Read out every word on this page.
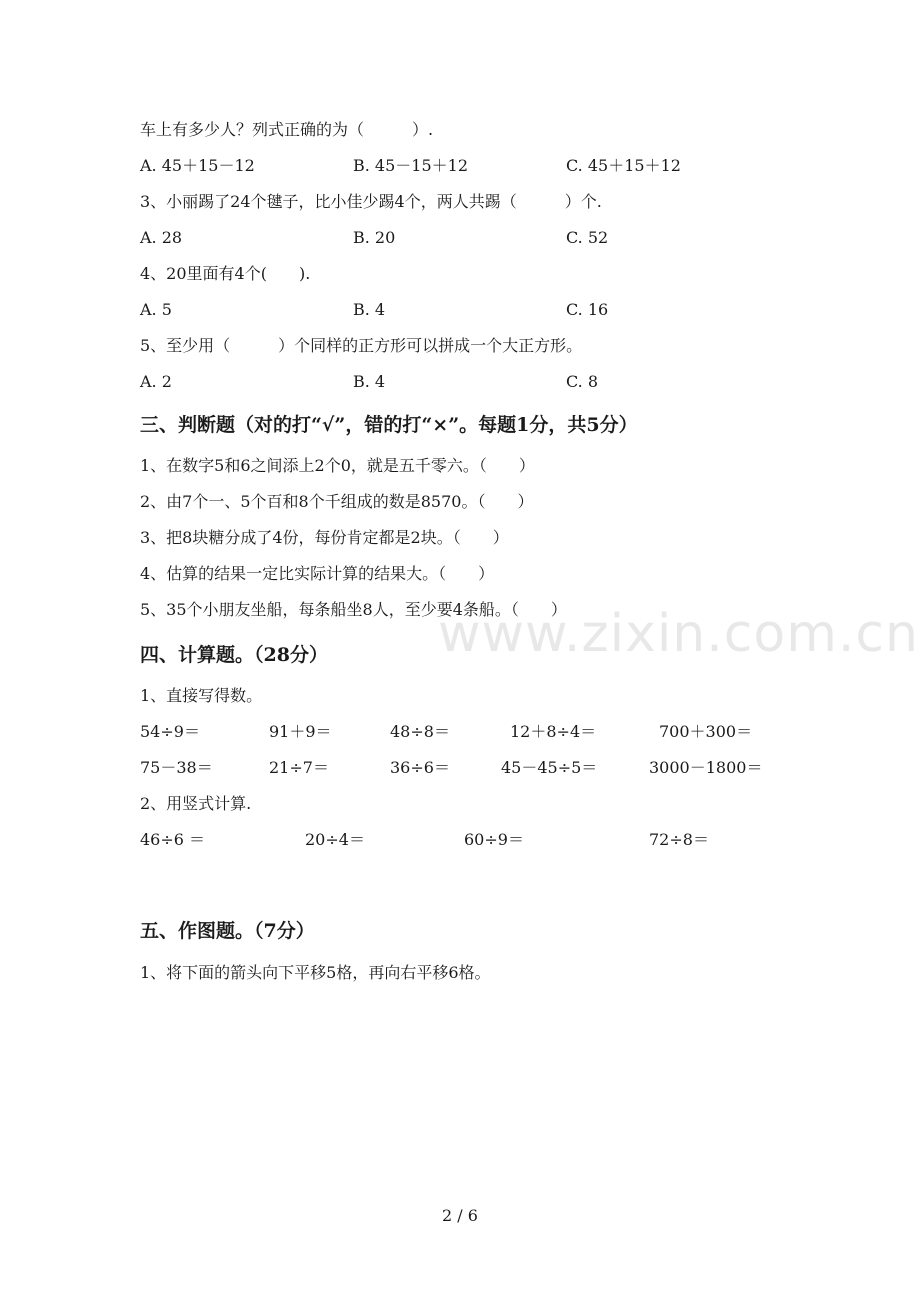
车上有多少人？列式正确的为（　　　）.
A. 45＋15－12	B. 45－15＋12	C. 45＋15＋12
3、小丽踢了24个毽子，比小佳少踢4个，两人共踢（　　　）个.
A. 28	B. 20	C. 52
4、20里面有4个(　　).
A. 5	B. 4	C. 16
5、至少用（　　　）个同样的正方形可以拼成一个大正方形。
A. 2	B. 4	C. 8
三、判断题（对的打“√”，错的打“×”。每题1分，共5分）
1、在数字5和6之间添上2个0，就是五千零六。（　　）
2、由7个一、5个百和8个千组成的数是8570。（　　）
3、把8块糖分成了4份，每份肯定都是2块。（　　）
4、估算的结果一定比实际计算的结果大。（　　）
5、35个小朋友坐船，每条船坐8人，至少要4条船。（　　）
www.zixin.com.cn
四、计算题。（28分）
1、直接写得数。
54÷9＝	91＋9＝	48÷8＝	12＋8÷4＝	700＋300＝
75－38＝	21÷7＝	36÷6＝	45－45÷5＝	3000－1800＝
2、用竖式计算.
46÷6 ＝	20÷4＝	60÷9＝	72÷8＝
五、作图题。（7分）
1、将下面的箭头向下平移5格，再向右平移6格。
2 / 6
